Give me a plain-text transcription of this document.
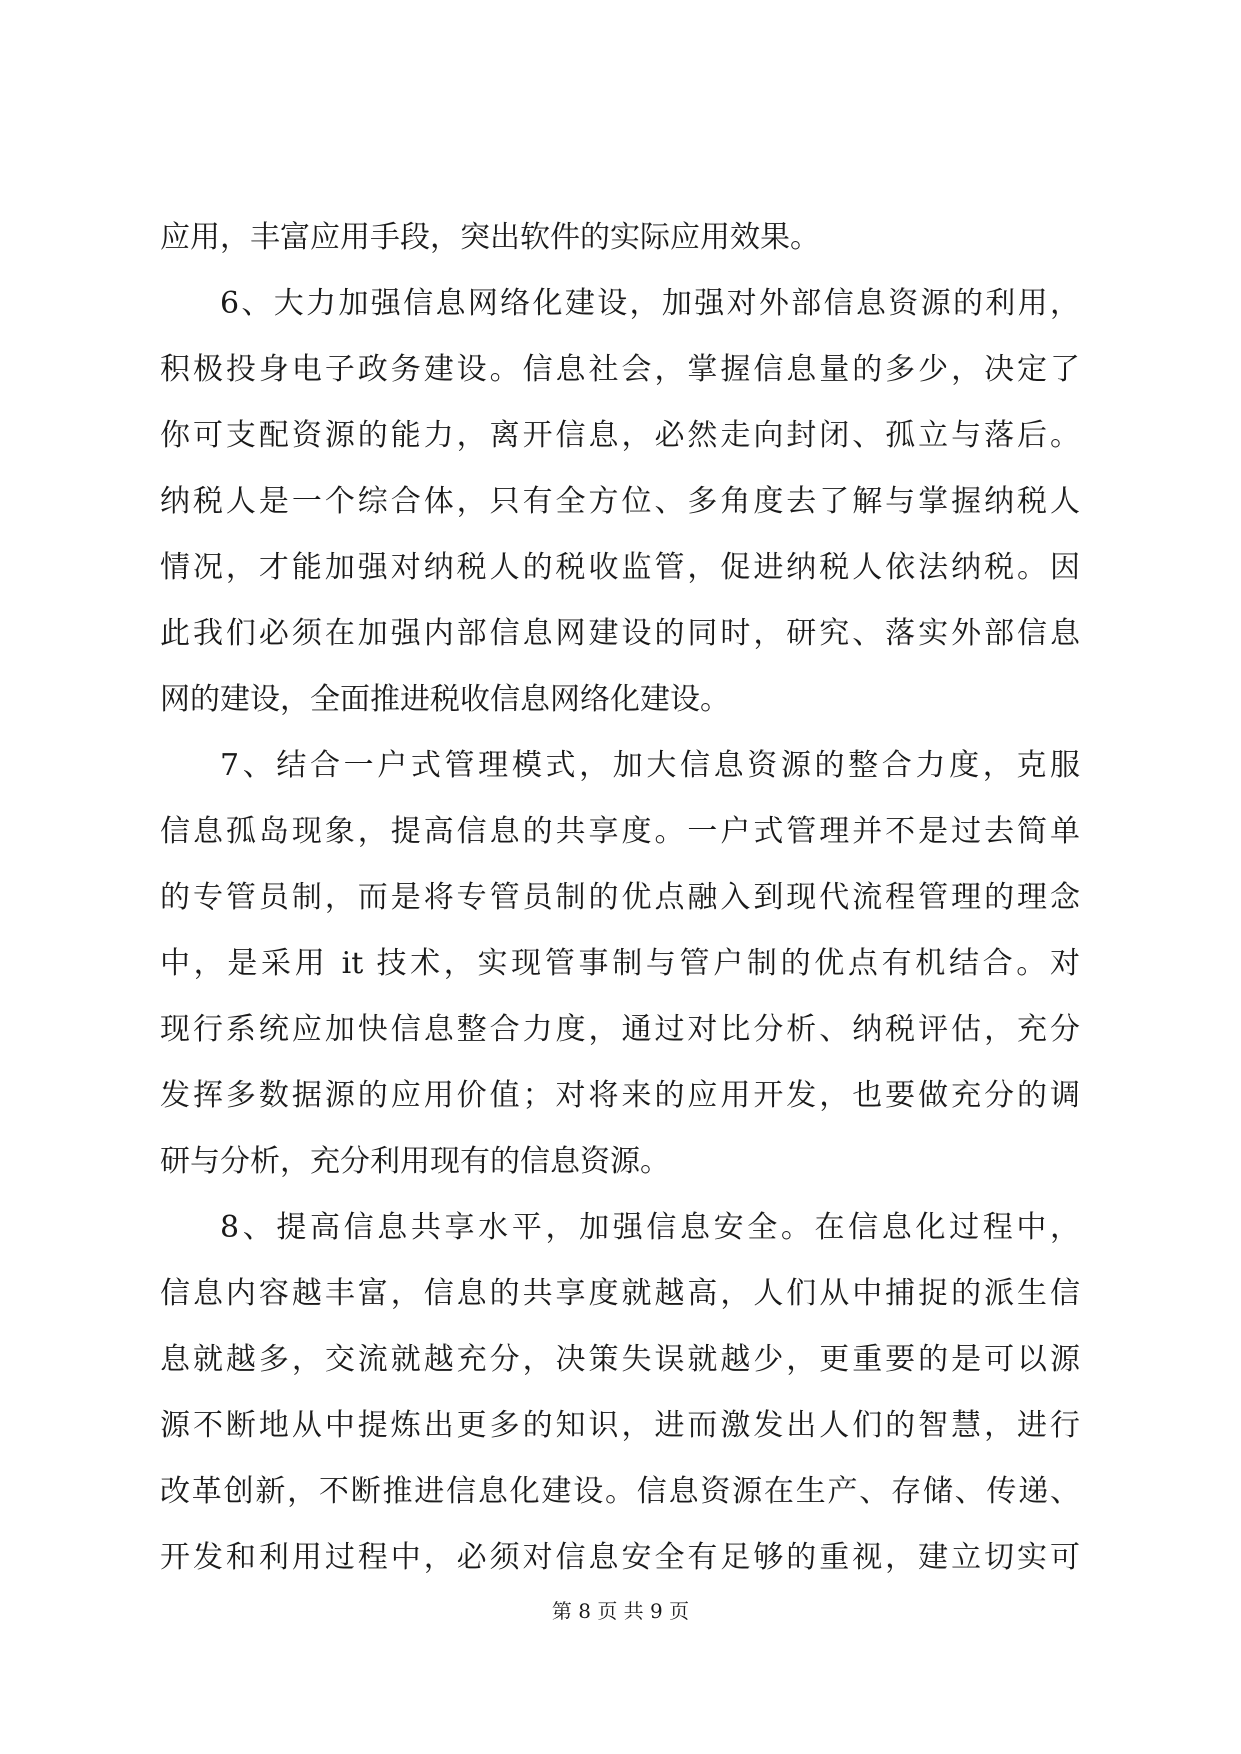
应用，丰富应用手段，突出软件的实际应用效果。
6、大力加强信息网络化建设，加强对外部信息资源的利用，
积极投身电子政务建设。信息社会，掌握信息量的多少，决定了
你可支配资源的能力，离开信息，必然走向封闭、孤立与落后。
纳税人是一个综合体，只有全方位、多角度去了解与掌握纳税人
情况，才能加强对纳税人的税收监管，促进纳税人依法纳税。因
此我们必须在加强内部信息网建设的同时，研究、落实外部信息
网的建设，全面推进税收信息网络化建设。
7、结合一户式管理模式，加大信息资源的整合力度，克服
信息孤岛现象，提高信息的共享度。一户式管理并不是过去简单
的专管员制，而是将专管员制的优点融入到现代流程管理的理念
中，是采用 it 技术，实现管事制与管户制的优点有机结合。对
现行系统应加快信息整合力度，通过对比分析、纳税评估，充分
发挥多数据源的应用价值；对将来的应用开发，也要做充分的调
研与分析，充分利用现有的信息资源。
8、提高信息共享水平，加强信息安全。在信息化过程中，
信息内容越丰富，信息的共享度就越高，人们从中捕捉的派生信
息就越多，交流就越充分，决策失误就越少，更重要的是可以源
源不断地从中提炼出更多的知识，进而激发出人们的智慧，进行
改革创新，不断推进信息化建设。信息资源在生产、存储、传递、
开发和利用过程中，必须对信息安全有足够的重视，建立切实可
第 8 页 共 9 页
